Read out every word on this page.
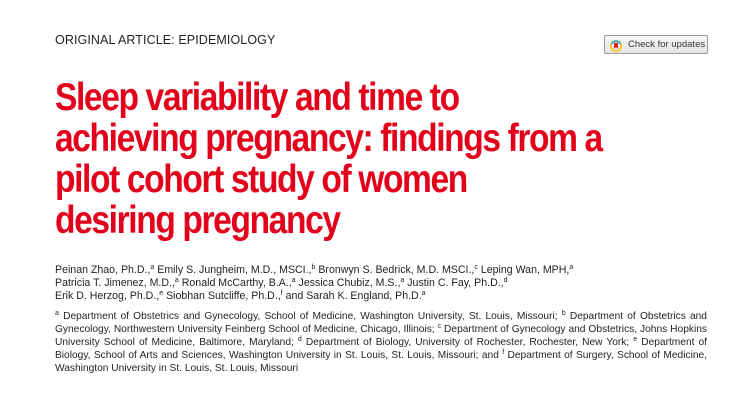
ORIGINAL ARTICLE: EPIDEMIOLOGY	Check for updates
Sleep variability and time to
achieving pregnancy: findings from a
pilot cohort study of women
desiring pregnancy
Peinan Zhao, Ph.D.,$^a$ Emily S. Jungheim, M.D., MSCI.,$^b$ Bronwyn S. Bedrick, M.D. MSCI.,$^c$ Leping Wan, MPH,$^a$
Patricia T. Jimenez, M.D.,$^a$ Ronald McCarthy, B.A.,$^a$ Jessica Chubiz, M.S.,$^a$ Justin C. Fay, Ph.D.,$^d$
Erik D. Herzog, Ph.D.,$^e$ Siobhan Sutcliffe, Ph.D.,$^f$ and Sarah K. England, Ph.D.$^a$
$^a$ Department of Obstetrics and Gynecology, School of Medicine, Washington University, St. Louis, Missouri; $^b$ Department of Obstetrics and Gynecology, Northwestern University Feinberg School of Medicine, Chicago, Illinois; $^c$ Department of Gynecology and Obstetrics, Johns Hopkins University School of Medicine, Baltimore, Maryland; $^d$ Department of Biology, University of Rochester, Rochester, New York; $^e$ Department of Biology, School of Arts and Sciences, Washington University in St. Louis, St. Louis, Missouri; and $^f$ Department of Surgery, School of Medicine, Washington University in St. Louis, St. Louis, Missouri
